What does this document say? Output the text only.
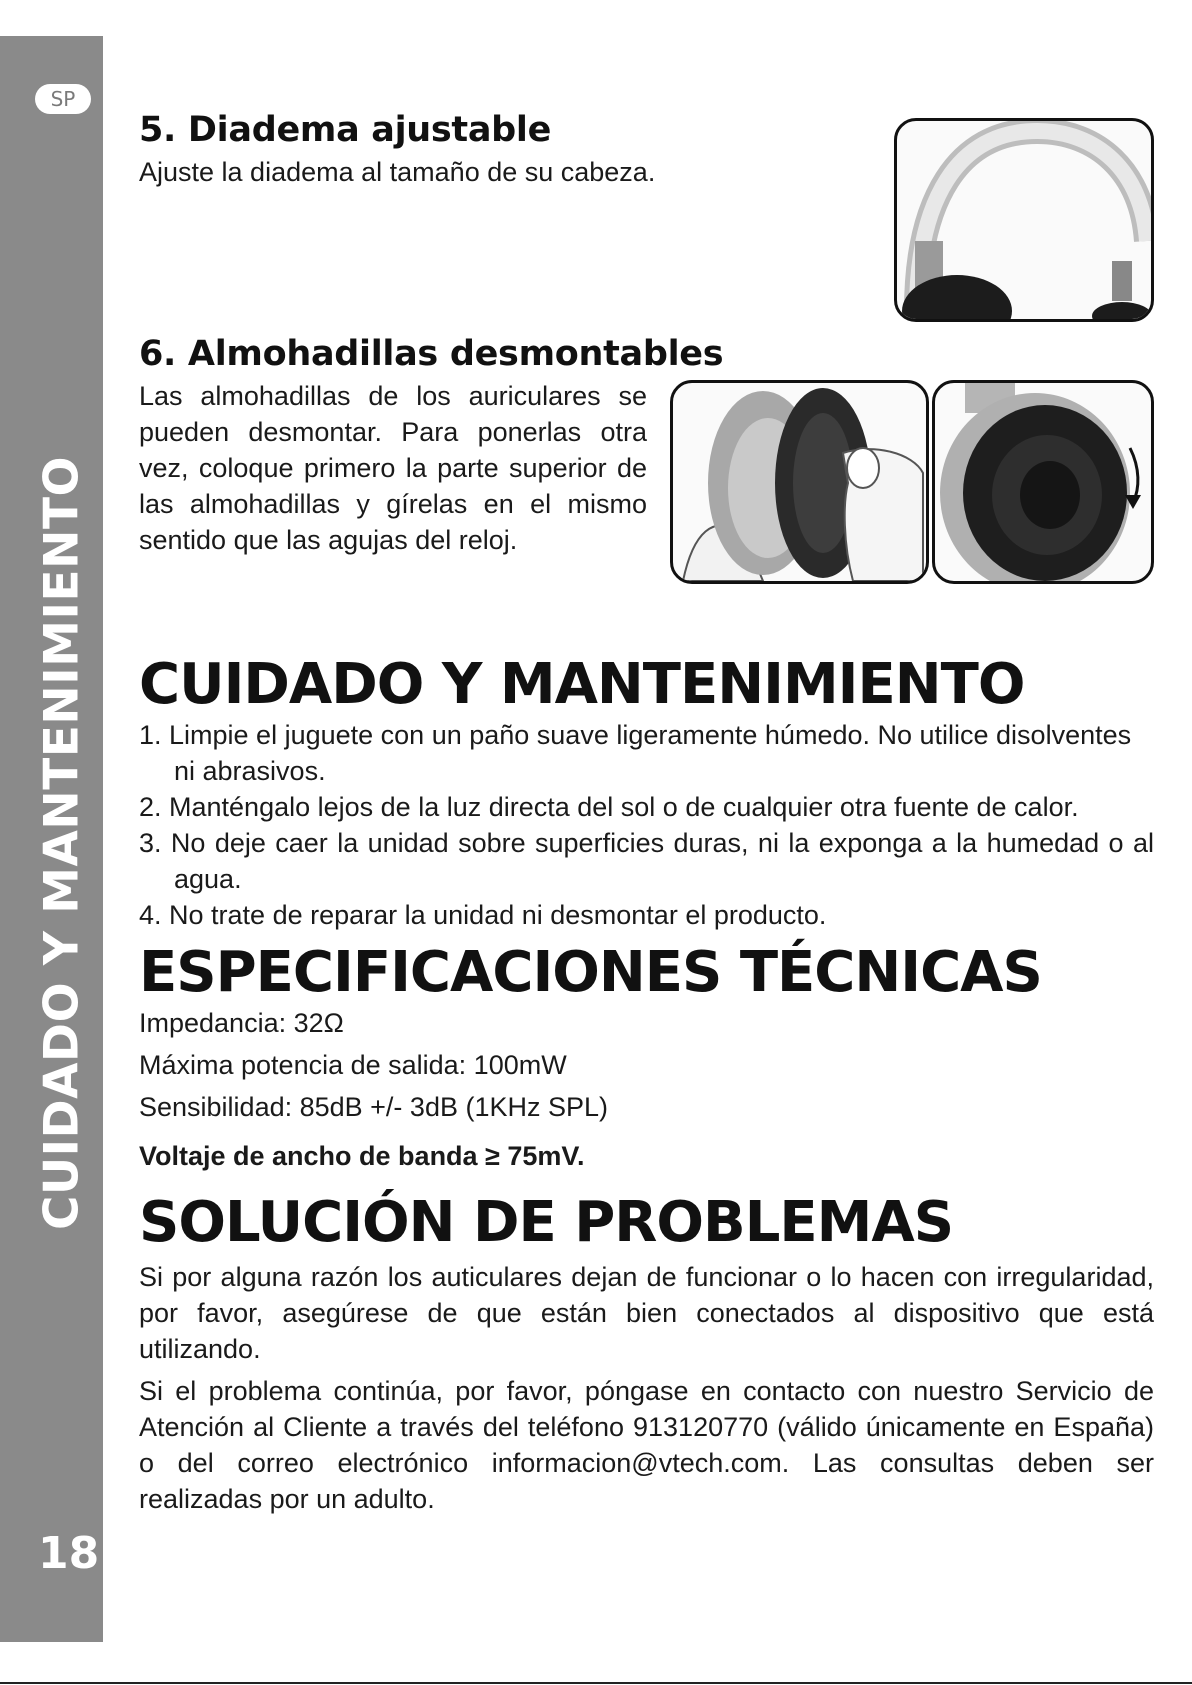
SP
CUIDADO Y MANTENIMIENTO
18
5. Diadema ajustable

Ajuste la diadema al tamaño de su cabeza.

6. Almohadillas desmontables

Las almohadillas de los auriculares se pueden desmontar. Para ponerlas otra vez, coloque primero la parte superior de las almohadillas y gírelas en el mismo sentido que las agujas del reloj.

CUIDADO Y MANTENIMIENTO
1. Limpie el juguete con un paño suave ligeramente húmedo. No utilice disolventes ni abrasivos.
2. Manténgalo lejos de la luz directa del sol o de cualquier otra fuente de calor.
3. No deje caer la unidad sobre superficies duras, ni la exponga a la humedad o al agua.
4. No trate de reparar la unidad ni desmontar el producto.
ESPECIFICACIONES TÉCNICAS
Impedancia: 32Ω
Máxima potencia de salida: 100mW
Sensibilidad: 85dB +/- 3dB (1KHz SPL)
Voltaje de ancho de banda ≥ 75mV.
SOLUCIÓN DE PROBLEMAS

Si por alguna razón los auticulares dejan de funcionar o lo hacen con irregularidad, por favor, asegúrese de que están bien conectados al dispositivo que está utilizando.

Si el problema continúa, por favor, póngase en contacto con nuestro Servicio de Atención al Cliente a través del teléfono 913120770 (válido únicamente en España) o del correo electrónico informacion@vtech.com. Las consultas deben ser realizadas por un adulto.
